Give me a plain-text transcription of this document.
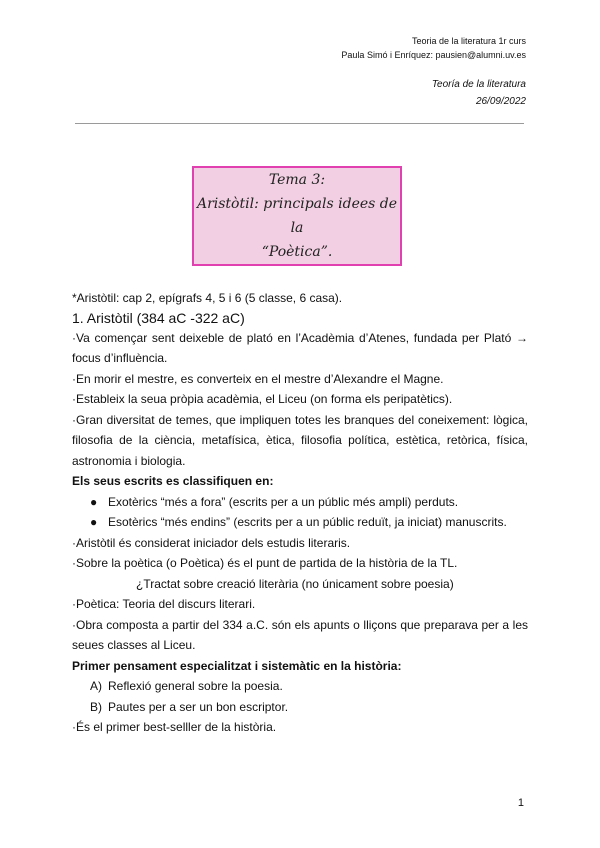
Teoria de la literatura 1r curs
Paula Simó i Enríquez: pausien@alumni.uv.es
Teoría de la literatura
26/09/2022
Tema 3:
Aristòtil: principals idees de la
“Poètica”.

*Aristòtil: cap 2, epígrafs 4, 5 i 6 (5 classe, 6 casa).

1. Aristòtil (384 aC -322 aC)

·Va començar sent deixeble de plató en l’Acadèmia d’Atenes, fundada per Plató → focus d’influència.

·En morir el mestre, es converteix en el mestre d’Alexandre el Magne.

·Estableix la seua pròpia acadèmia, el Liceu (on forma els peripatètics).

·Gran diversitat de temes, que impliquen totes les branques del coneixement: lògica, filosofia de la ciència, metafísica, ètica, filosofia política, estètica, retòrica, física, astronomia i biologia.

Els seus escrits es classifiquen en:

● Exotèrics “més a fora” (escrits per a un públic més ampli) perduts.

● Esotèrics “més endins” (escrits per a un públic reduït, ja iniciat) manuscrits.

·Aristòtil és considerat iniciador dels estudis literaris.

·Sobre la poètica (o Poètica) és el punt de partida de la història de la TL.

¿Tractat sobre creació literària (no únicament sobre poesia)

·Poètica: Teoria del discurs literari.

·Obra composta a partir del 334 a.C. són els apunts o lliçons que preparava per a les seues classes al Liceu.

Primer pensament especialitzat i sistemàtic en la història:

A) Reflexió general sobre la poesia.

B) Pautes per a ser un bon escriptor.

·És el primer best-selller de la història.

1
